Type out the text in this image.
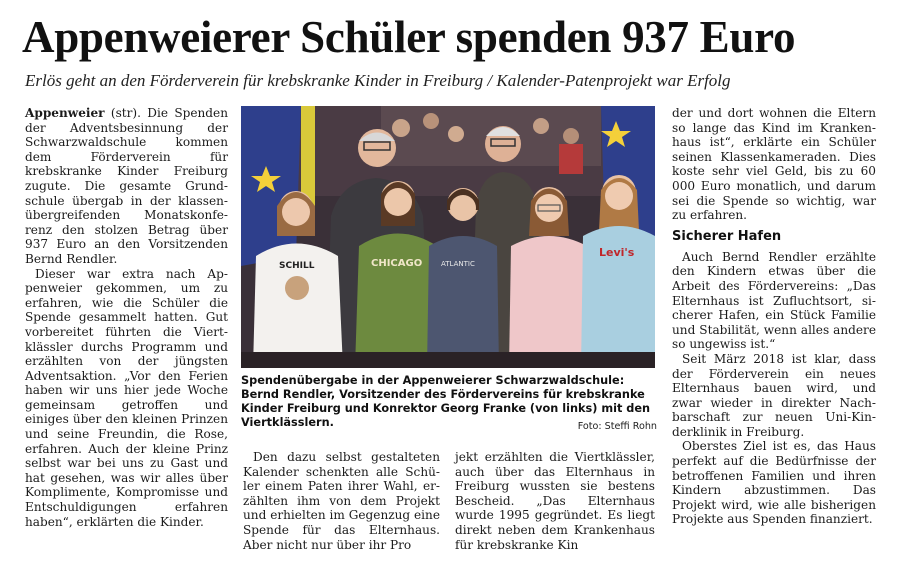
Appenweierer Schüler spenden 937 Euro
Erlös geht an den Förderverein für krebskranke Kinder in Freiburg / Kalender-Patenprojekt war Erfolg

Appenweier (str). Die Spenden der Adventsbesinnung der Schwarzwaldschule kommen dem Förderverein für krebskranke Kinder Freiburg zugute. Die gesamte Grundschule übergab in der klassenübergreifenden Monatskonferenz den stolzen Betrag über 937 Euro an den Vorsitzenden Bernd Rendler.

Dieser war extra nach Appenweier gekommen, um zu erfahren, wie die Schüler die Spende gesammelt hatten. Gut vorbereitet führten die Viertklässler durchs Programm und erzählten von der jüngsten Adventsaktion. „Vor den Ferien haben wir uns hier jede Woche gemeinsam getroffen und einiges über den kleinen Prinzen und seine Freundin, die Rose, erfahren. Auch der kleine Prinz selbst war bei uns zu Gast und hat gesehen, was wir alles über Komplimente, Kompromisse und Entschuldigungen erfahren haben“, erklärten die Kinder.

SCHILL	CHICAGO	ATLANTIC
Levi's
Spendenübergabe in der Appenweierer Schwarzwaldschule: Bernd Rendler, Vorsitzender des Fördervereins für krebskranke Kinder Freiburg und Konrektor Georg Franke (von links) mit den Viertklässlern.	Foto: Steffi Rohn

Den dazu selbst gestalteten Kalender schenkten alle Schüler einem Paten ihrer Wahl, erzählten ihm von dem Projekt und erhielten im Gegenzug eine Spende für das Elternhaus. Aber nicht nur über ihr Pro

jekt erzählten die Viertklässler, auch über das Elternhaus in Freiburg wussten sie bestens Bescheid. „Das Elternhaus wurde 1995 gegründet. Es liegt direkt neben dem Krankenhaus für krebskranke Kin

der und dort wohnen die Eltern so lange das Kind im Krankenhaus ist“, erklärte ein Schüler seinen Klassenkameraden. Dies koste sehr viel Geld, bis zu 60 000 Euro monatlich, und darum sei die Spende so wichtig, war zu erfahren.

Sicherer Hafen

Auch Bernd Rendler erzählte den Kindern etwas über die Arbeit des Fördervereins: „Das Elternhaus ist Zufluchtsort, sicherer Hafen, ein Stück Familie und Stabilität, wenn alles andere so ungewiss ist.“

Seit März 2018 ist klar, dass der Förderverein ein neues Elternhaus bauen wird, und zwar wieder in direkter Nachbarschaft zur neuen Uni-Kinderklinik in Freiburg.

Oberstes Ziel ist es, das Haus perfekt auf die Bedürfnisse der betroffenen Familien und ihren Kindern abzustimmen. Das Projekt wird, wie alle bisherigen Projekte aus Spenden finanziert.
